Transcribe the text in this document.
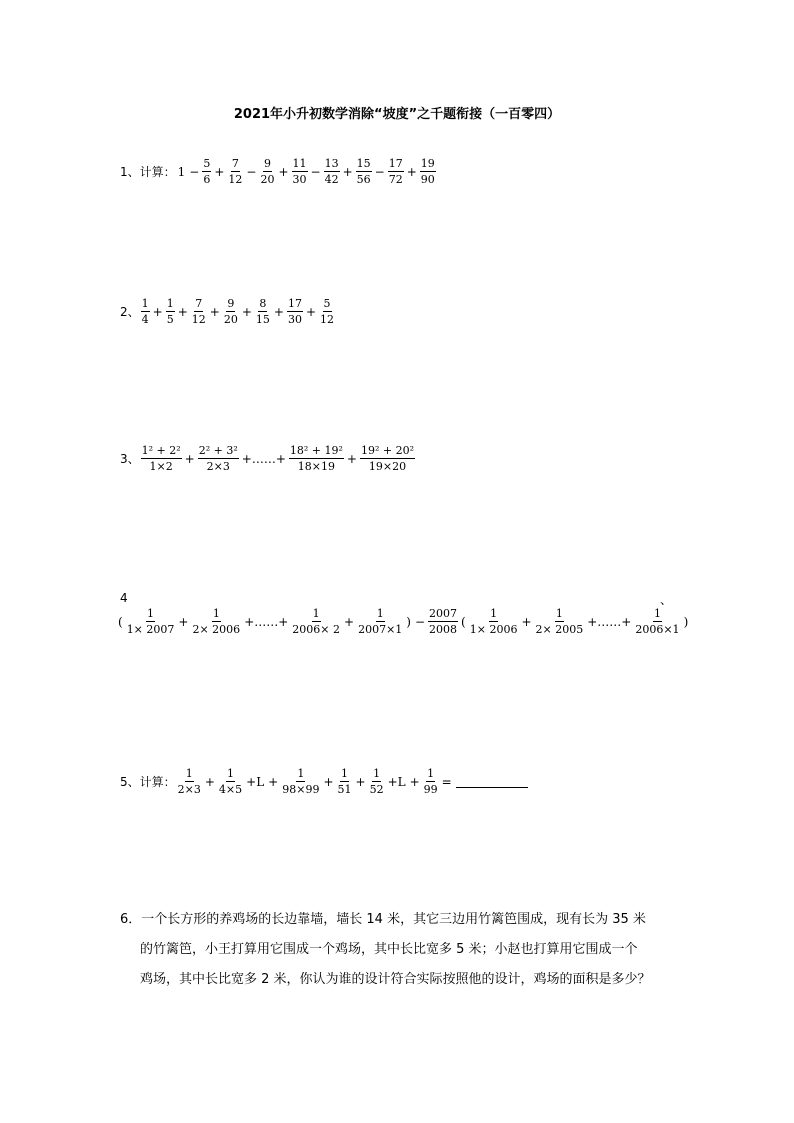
2021年小升初数学消除“坡度”之千题衔接（一百零四）
1、计算： $1 - \frac{5}{6} + \frac{7}{12} - \frac{9}{20} + \frac{11}{30} - \frac{13}{42} + \frac{15}{56} - \frac{17}{72} + \frac{19}{90}$
2、 $\frac{1}{4} + \frac{1}{5} + \frac{7}{12} + \frac{9}{20} + \frac{8}{15} + \frac{17}{30} + \frac{5}{12}$
3、 $\frac{\text{1² + 2²}}{1\times 2} + \frac{\text{2² + 3²}}{2\times 3}$ +……+ $\frac{\text{18² + 19²}}{18\times 19} + \frac{\text{19² + 20²}}{19\times 20}$
4	、
( $\frac{1}{1\times 2007} + \frac{1}{2\times 2006}$ +……+ $\frac{1}{2006\times 2} + \frac{1}{2007\times 1}$ ) − $\frac{2007}{2008}$ ( $\frac{1}{1\times 2006} + \frac{1}{2\times 2005}$ +……+ $\frac{1}{2006\times 1}$ )
5、计算： $\frac{1}{2\times 3} + \frac{1}{4\times 5} +L + \frac{1}{98\times 99} + \frac{1}{51} + \frac{1}{52} +L + \frac{1}{99}$ =
6．一个长方形的养鸡场的长边靠墙，墙长 14 米，其它三边用竹篱笆围成，现有长为 35 米
的竹篱笆，小王打算用它围成一个鸡场，其中长比宽多 5 米；小赵也打算用它围成一个
鸡场，其中长比宽多 2 米，你认为谁的设计符合实际按照他的设计，鸡场的面积是多少？
